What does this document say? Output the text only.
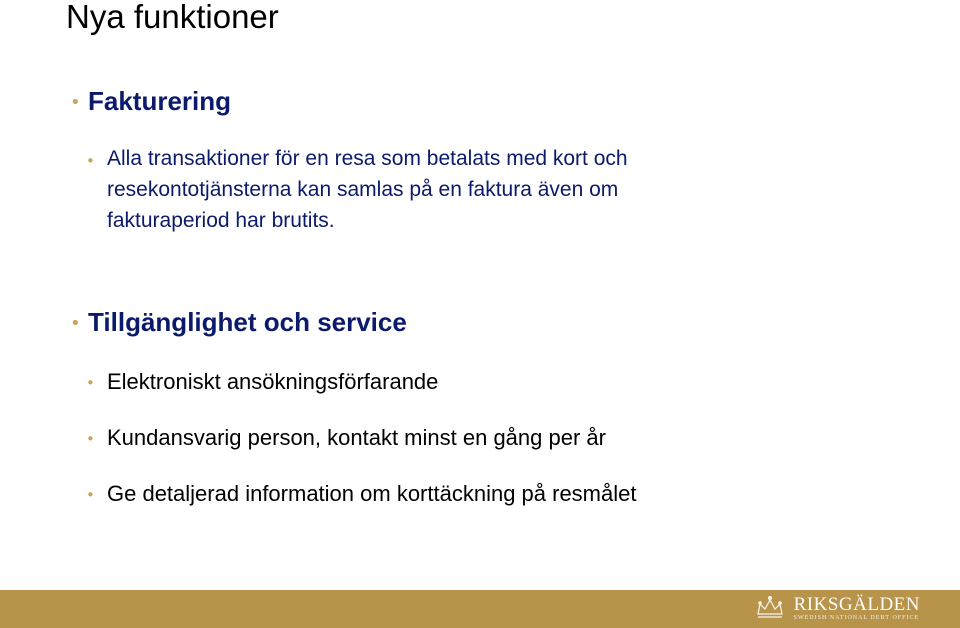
Nya funktioner
• Fakturering
• Alla transaktioner för en resa som betalats med kort och
resekontotjänsterna kan samlas på en faktura även om
fakturaperiod har brutits.
• Tillgänglighet och service
• Elektroniskt ansökningsförfarande
• Kundansvarig person, kontakt minst en gång per år
• Ge detaljerad information om korttäckning på resmålet
RIKSGÄLDEN
SWEDISH NATIONAL DEBT OFFICE
